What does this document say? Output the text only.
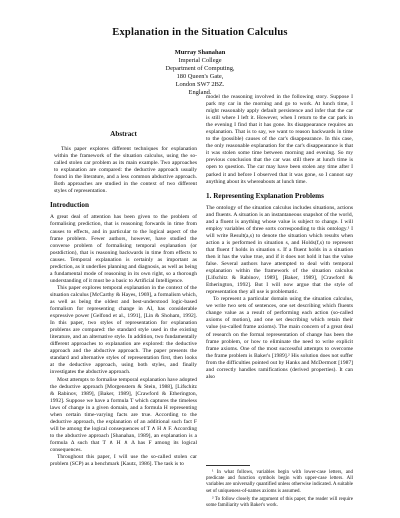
Explanation in the Situation Calculus
Murray Shanahan
Imperial College
Department of Computing,
180 Queen's Gate,
London SW7 2BZ.
England.
Abstract

This paper explores different techniques for explanation within the framework of the situation calculus, using the so-called stolen car problem as its main example. Two approaches to explanation are compared: the deductive approach usually found in the literature, and a less common abductive approach. Both approaches are studied in the context of two different styles of representation.

Introduction

A great deal of attention has been given to the problem of formalising prediction, that is reasoning forwards in time from causes to effects, and in particular to the logical aspect of the frame problem. Fewer authors, however, have studied the converse problem of formalising temporal explanation (or postdiction), that is reasoning backwards in time from effects to causes. Temporal explanation is certainly as important as prediction, as it underlies planning and diagnosis, as well as being a fundamental mode of reasoning in its own right, so a thorough understanding of it must be a basic to Artificial Intelligence.

This paper explores temporal explanation in the context of the situation calculus [McCarthy & Hayes, 1969], a formalism which, as well as being the oldest and best-understood logic-based formalism for representing change in AI, has considerable expressive power [Gelfond et al., 1991], [Lin & Shoham, 1992]. In this paper, two styles of representation for explanation problems are compared: the standard style used in the existing literature, and an alternative style. In addition, two fundamentally different approaches to explanation are explored: the deductive approach and the abductive approach. The paper presents the standard and alternative styles of representation first, then looks at the deductive approach, using both styles, and finally investigates the abductive approach.

Most attempts to formalise temporal explanation have adopted the deductive approach [Morgenstern & Stein, 1988], [Lifschitz & Rabinov, 1989], [Baker, 1989], [Crawford & Etherington, 1992]. Suppose we have a formula T which captures the timeless laws of change in a given domain, and a formula H representing when certain time-varying facts are true. According to the deductive approach, the explanation of an additional such fact F will be among the logical consequences of T ∧ H ∧ F. According to the abductive approach [Shanahan, 1989], an explanation is a formula Δ such that T ∧ H ∧ Δ has F among its logical consequences.

Throughout this paper, I will use the so-called stolen car problem (SCP) as a benchmark [Kautz, 1986]. The task is to

model the reasoning involved in the following story. Suppose I park my car in the morning and go to work. At lunch time, I might reasonably apply default persistence and infer that the car is still where I left it. However, when I return to the car park in the evening I find that it has gone. Its disappearance requires an explanation. That is to say, we want to reason backwards in time to the (possible) causes of the car's disappearance. In this case, the only reasonable explanation for the car's disappearance is that it was stolen some time between morning and evening. So my previous conclusion that the car was still there at lunch time is open to question. The car may have been stolen any time after I parked it and before I observed that it was gone, so I cannot say anything about its whereabouts at lunch time.

1. Representing Explanation Problems

The ontology of the situation calculus includes situations, actions and fluents. A situation is an instantaneous snapshot of the world, and a fluent is anything whose value is subject to change. I will employ variables of three sorts corresponding to this ontology.¹ I will write Result(a,s) to denote the situation which results when action a is performed in situation s, and Holds(f,s) to represent that fluent f holds in situation s. If a fluent holds in a situation then it has the value true, and if it does not hold it has the value false. Several authors have attempted to deal with temporal explanation within the framework of the situation calculus [Lifschitz & Rabinov, 1989], [Baker, 1989], [Crawford & Etherington, 1992]. But I will now argue that the style of representation they all use is problematic.

To represent a particular domain using the situation calculus, we write two sets of sentences, one set describing which fluents change value as a result of performing each action (so-called axioms of motion), and one set describing which retain their value (so-called frame axioms). The main concern of a great deal of research on the formal representation of change has been the frame problem, or how to eliminate the need to write explicit frame axioms. One of the most successful attempts to overcome the frame problem is Baker's [1989].² His solution does not suffer from the difficulties pointed out by Hanks and McDermott [1987] and correctly handles ramifications (derived properties). It can also

¹ In what follows, variables begin with lower-case letters, and predicate and function symbols begin with upper-case letters. All variables are universally quantified unless otherwise indicated. A suitable set of uniqueness-of-names axioms is assumed.

² To follow closely the argument of this paper, the reader will require some familiarity with Baker's work.
